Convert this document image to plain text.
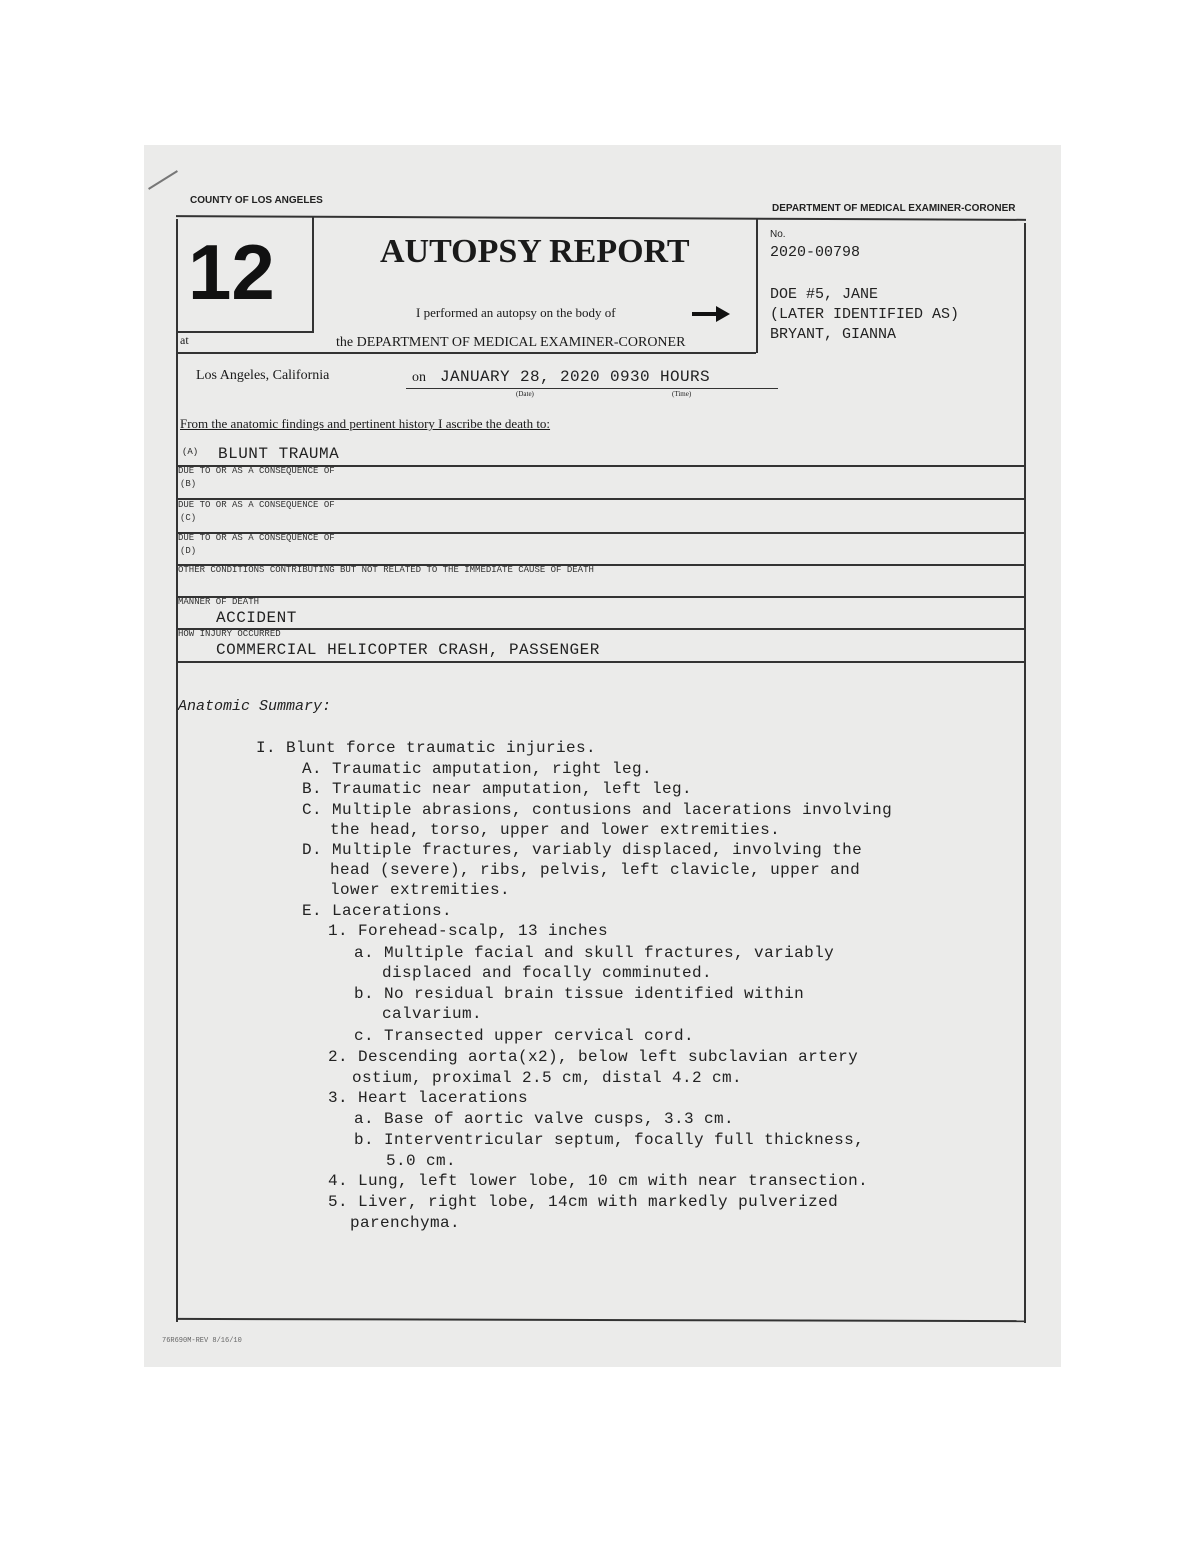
COUNTY OF LOS ANGELES
DEPARTMENT OF MEDICAL EXAMINER-CORONER
12	AUTOPSY REPORT
I performed an autopsy on the body of
at	the DEPARTMENT OF MEDICAL EXAMINER-CORONER
No.
2020-00798
DOE #5, JANE
(LATER IDENTIFIED AS)
BRYANT, GIANNA
Los Angeles, California	on JANUARY 28, 2020 0930 HOURS
(Date)	(Time)
From the anatomic findings and pertinent history I ascribe the death to:
(A) BLUNT TRAUMA
DUE TO OR AS A CONSEQUENCE OF
(B)
DUE TO OR AS A CONSEQUENCE OF
(C)
DUE TO OR AS A CONSEQUENCE OF
(D)
OTHER CONDITIONS CONTRIBUTING BUT NOT RELATED TO THE IMMEDIATE CAUSE OF DEATH
MANNER OF DEATH
ACCIDENT
HOW INJURY OCCURRED
COMMERCIAL HELICOPTER CRASH, PASSENGER
Anatomic Summary:
I. Blunt force traumatic injuries.
A. Traumatic amputation, right leg.
B. Traumatic near amputation, left leg.
C. Multiple abrasions, contusions and lacerations involving
the head, torso, upper and lower extremities.
D. Multiple fractures, variably displaced, involving the
head (severe), ribs, pelvis, left clavicle, upper and
lower extremities.
E. Lacerations.
1. Forehead-scalp, 13 inches
a. Multiple facial and skull fractures, variably
displaced and focally comminuted.
b. No residual brain tissue identified within
calvarium.
c. Transected upper cervical cord.
2. Descending aorta(x2), below left subclavian artery
ostium, proximal 2.5 cm, distal 4.2 cm.
3. Heart lacerations
a. Base of aortic valve cusps, 3.3 cm.
b. Interventricular septum, focally full thickness,
5.0 cm.
4. Lung, left lower lobe, 10 cm with near transection.
5. Liver, right lobe, 14cm with markedly pulverized
parenchyma.
76R690M-REV 8/16/10
